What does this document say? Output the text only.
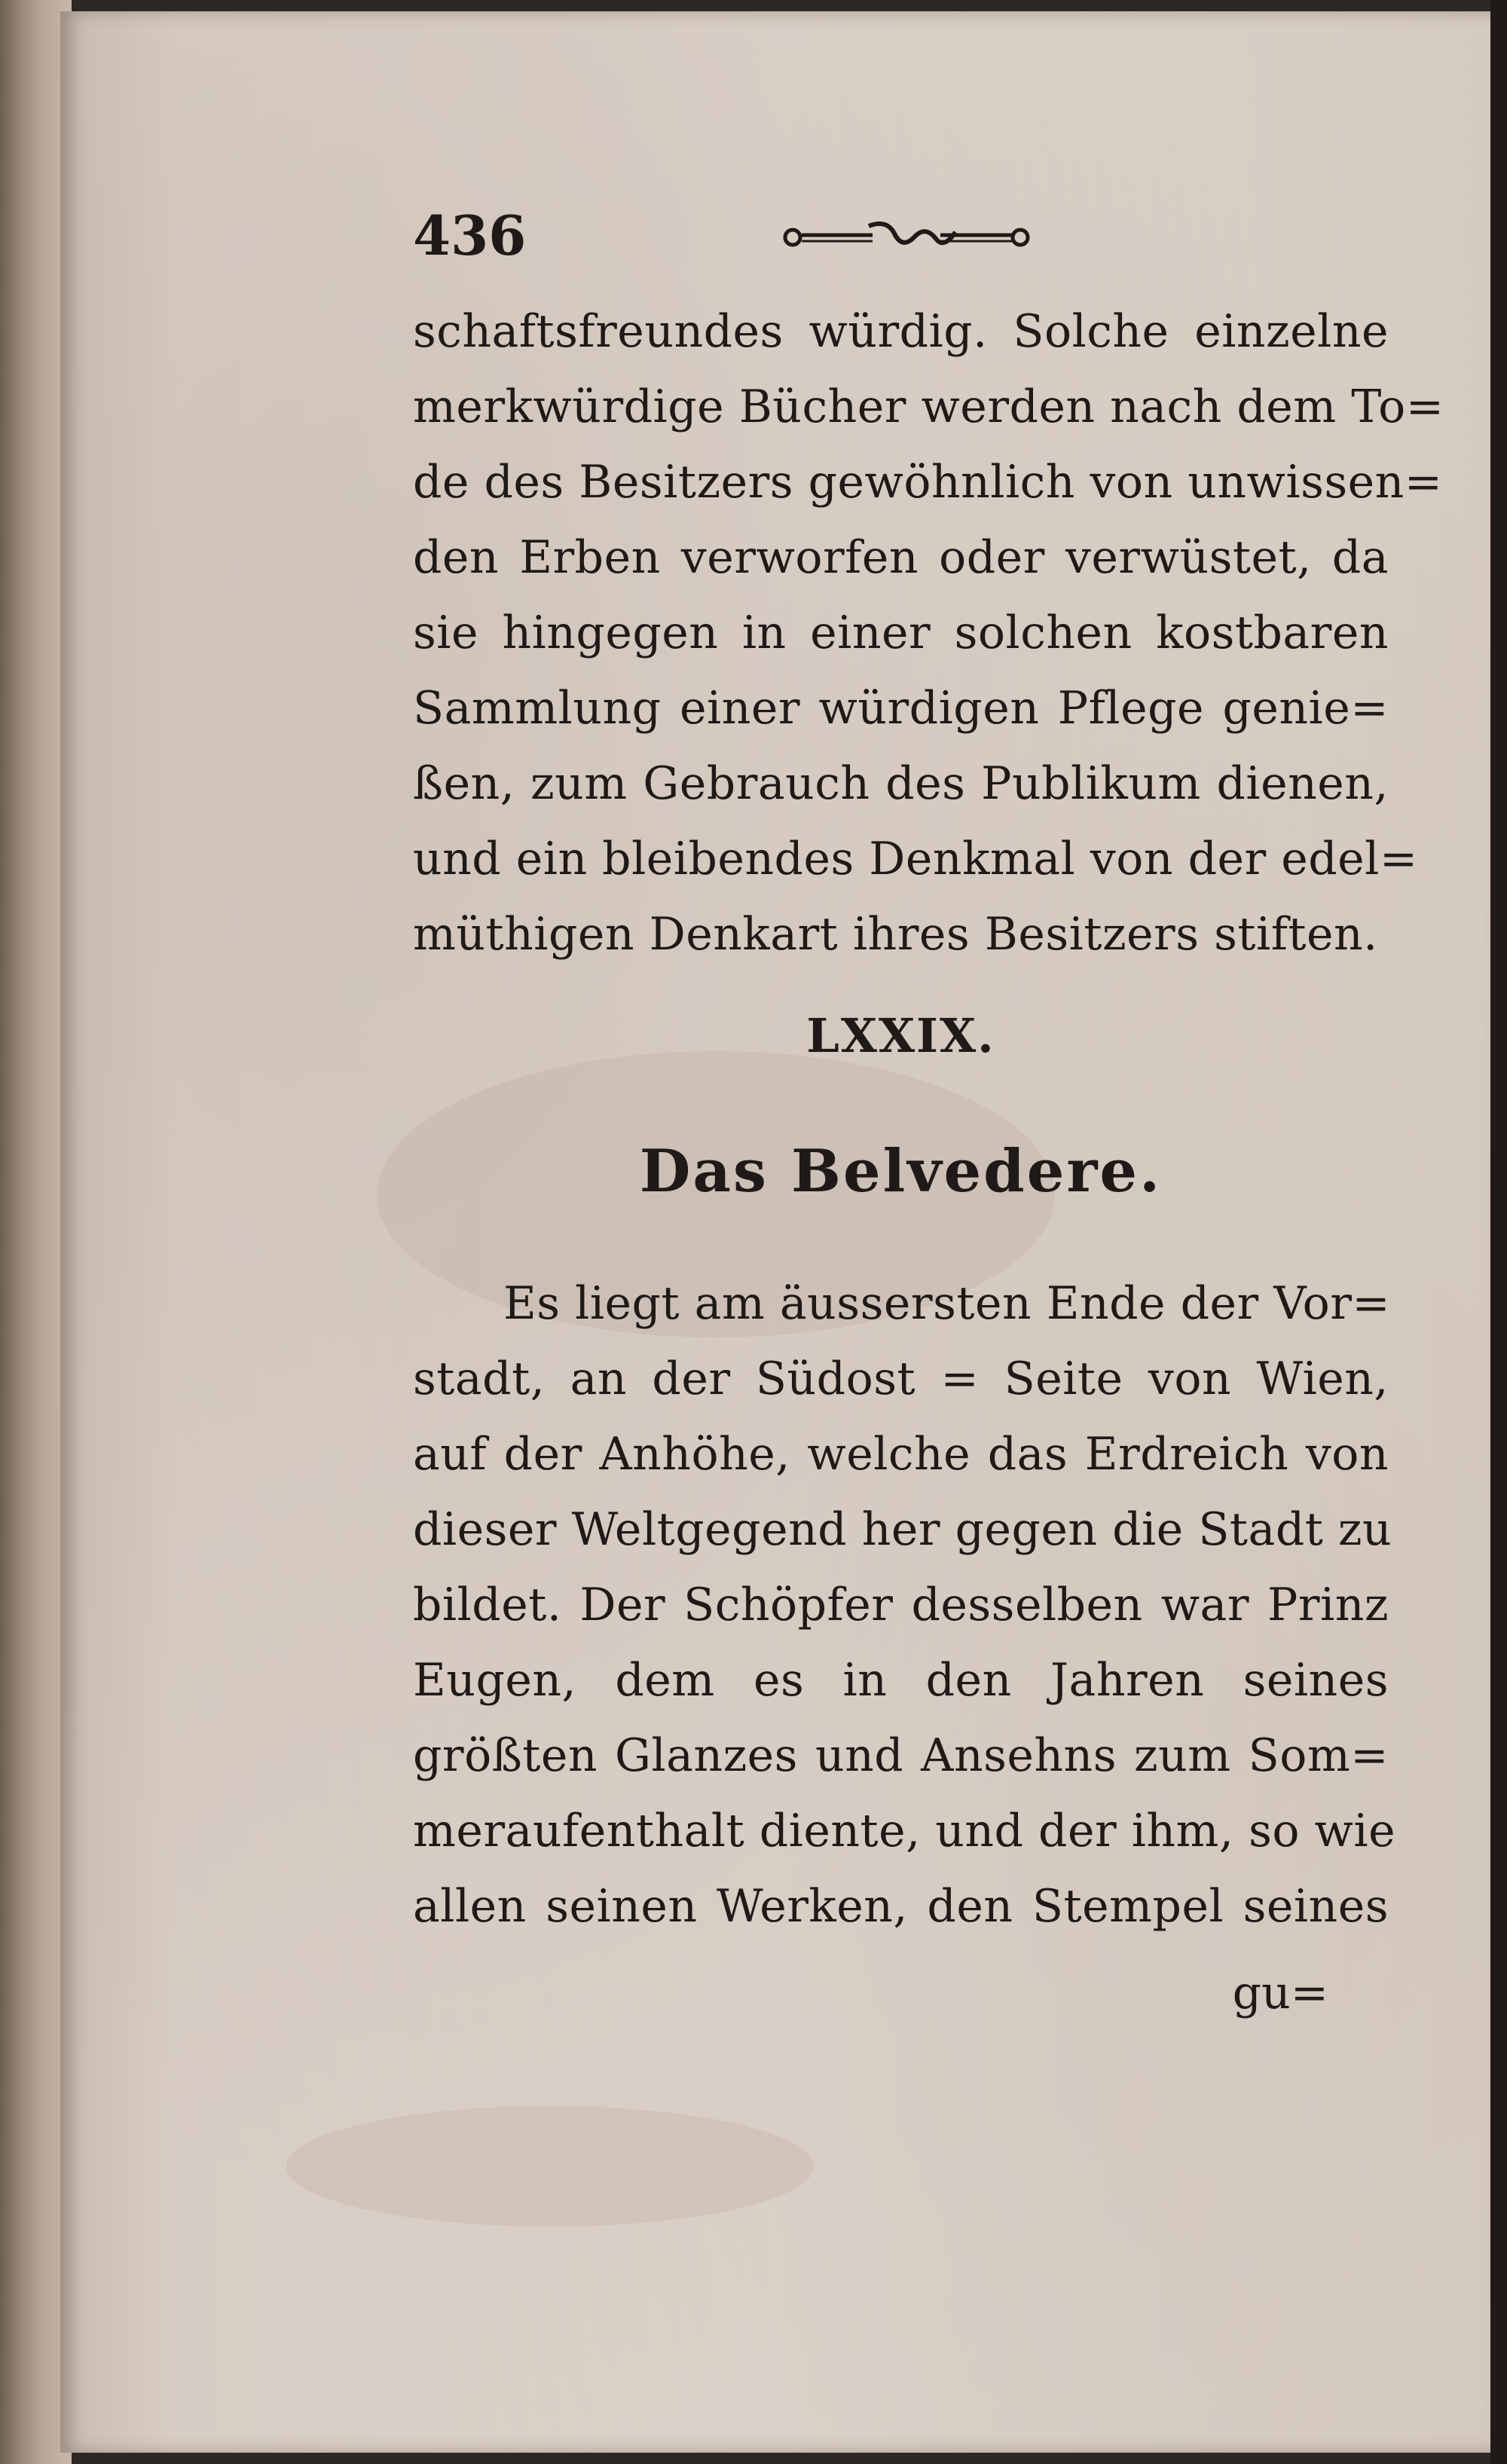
436
schaftsfreundes würdig. Solche einzelne
merkwürdige Bücher werden nach dem To=
de des Besitzers gewöhnlich von unwissen=
den Erben verworfen oder verwüstet, da
sie hingegen in einer solchen kostbaren
Sammlung einer würdigen Pflege genie=
ßen, zum Gebrauch des Publikum dienen,
und ein bleibendes Denkmal von der edel=
müthigen Denkart ihres Besitzers stiften.
LXXIX.
Das Belvedere.
Es liegt am äussersten Ende der Vor=
stadt, an der Südost = Seite von Wien,
auf der Anhöhe, welche das Erdreich von
dieser Weltgegend her gegen die Stadt zu
bildet. Der Schöpfer desselben war Prinz
Eugen, dem es in den Jahren seines
größten Glanzes und Ansehns zum Som=
meraufenthalt diente, und der ihm, so wie
allen seinen Werken, den Stempel seines
gu=
